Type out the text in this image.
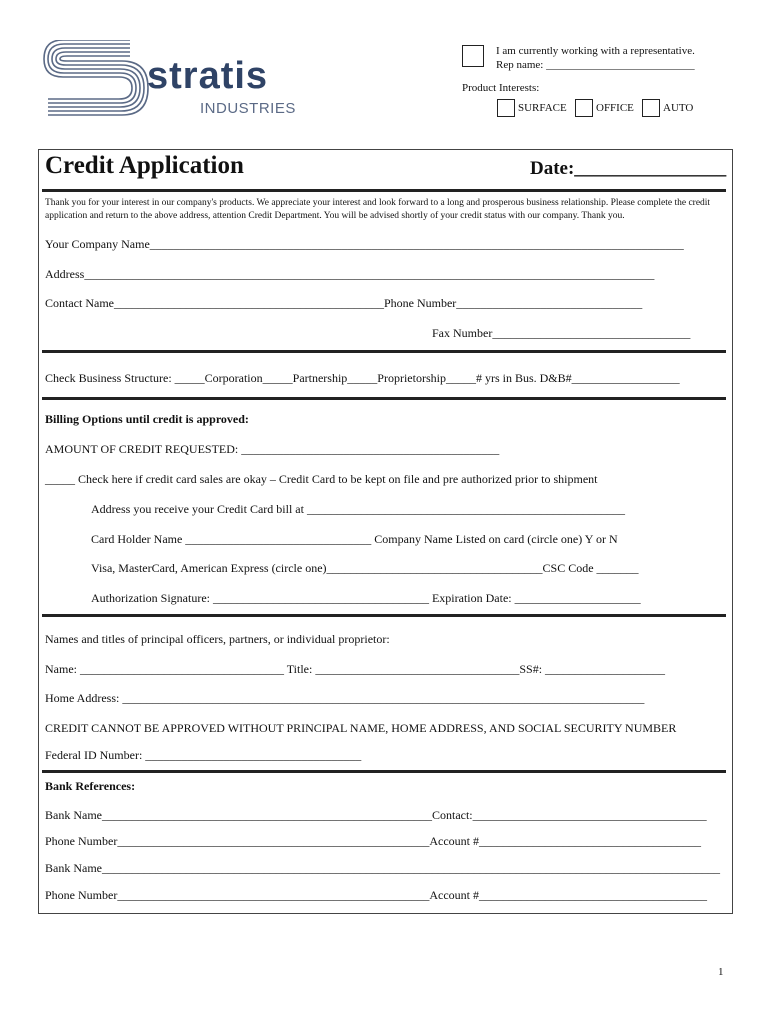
stratis
INDUSTRIES
I am currently working with a representative.
Rep name: ___________________________
Product Interests:
SURFACE	OFFICE	AUTO
Credit Application	Date:________________
Thank you for your interest in our company's products. We appreciate your interest and look forward to a long and prosperous business relationship. Please complete the credit application and return to the above address, attention Credit Department. You will be advised shortly of your credit status with our company. Thank you.
Your Company Name_________________________________________________________________________________________
Address_______________________________________________________________________________________________
Contact Name_____________________________________________Phone Number_______________________________
Fax Number_________________________________
Check Business Structure: _____Corporation_____Partnership_____Proprietorship_____# yrs in Bus. D&B#__________________
Billing Options until credit is approved:
AMOUNT OF CREDIT REQUESTED: ___________________________________________
_____ Check here if credit card sales are okay – Credit Card to be kept on file and pre authorized prior to shipment
Address you receive your Credit Card bill at _____________________________________________________
Card Holder Name _______________________________ Company Name Listed on card (circle one) Y or N
Visa, MasterCard, American Express (circle one)____________________________________CSC Code _______
Authorization Signature: ____________________________________ Expiration Date: _____________________
Names and titles of principal officers, partners, or individual proprietor:
Name: __________________________________ Title: __________________________________SS#: ____________________
Home Address: _______________________________________________________________________________________
CREDIT CANNOT BE APPROVED WITHOUT PRINCIPAL NAME, HOME ADDRESS, AND SOCIAL SECURITY NUMBER
Federal ID Number: ____________________________________
Bank References:
Bank Name_______________________________________________________Contact:_______________________________________
Phone Number____________________________________________________Account #_____________________________________
Bank Name_______________________________________________________________________________________________________
Phone Number____________________________________________________Account #______________________________________
1
